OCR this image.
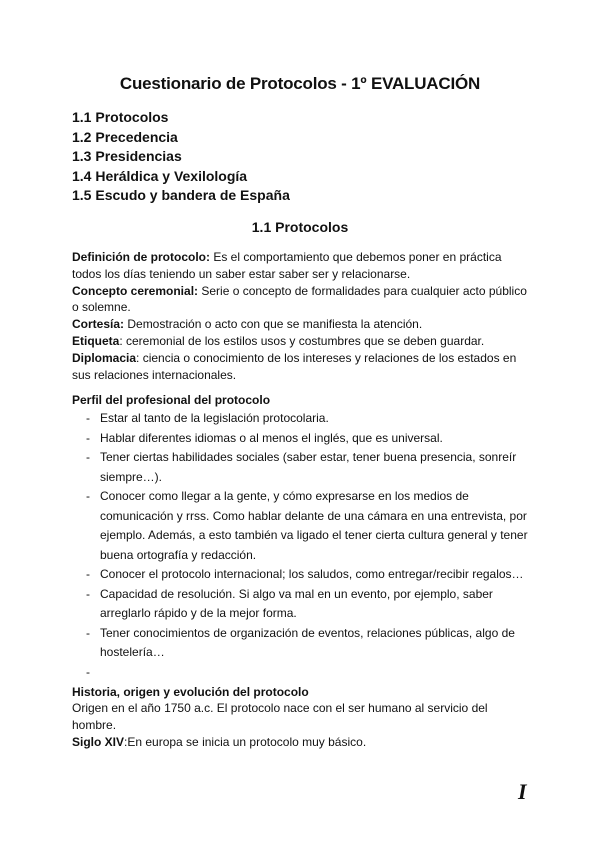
Cuestionario de Protocolos - 1º EVALUACIÓN
1.1 Protocolos
1.2 Precedencia
1.3 Presidencias
1.4 Heráldica y Vexilología
1.5 Escudo y bandera de España
1.1 Protocolos

Definición de protocolo: Es el comportamiento que debemos poner en práctica todos los días teniendo un saber estar saber ser y relacionarse.

Concepto ceremonial: Serie o concepto de formalidades para cualquier acto público o solemne.

Cortesía: Demostración o acto con que se manifiesta la atención.

Etiqueta: ceremonial de los estilos usos y costumbres que se deben guardar.

Diplomacia: ciencia o conocimiento de los intereses y relaciones de los estados en sus relaciones internacionales.

Perfil del profesional del protocolo
- Estar al tanto de la legislación protocolaria.
- Hablar diferentes idiomas o al menos el inglés, que es universal.
- Tener ciertas habilidades sociales (saber estar, tener buena presencia, sonreír siempre…).
- Conocer como llegar a la gente, y cómo expresarse en los medios de comunicación y rrss. Como hablar delante de una cámara en una entrevista, por ejemplo. Además, a esto también va ligado el tener cierta cultura general y tener buena ortografía y redacción.
- Conocer el protocolo internacional; los saludos, como entregar/recibir regalos…
- Capacidad de resolución. Si algo va mal en un evento, por ejemplo, saber arreglarlo rápido y de la mejor forma.
- Tener conocimientos de organización de eventos, relaciones públicas, algo de hostelería…
-
Historia, origen y evolución del protocolo

Origen en el año 1750 a.c. El protocolo nace con el ser humano al servicio del hombre.

Siglo XIV:En europa se inicia un protocolo muy básico.

I
